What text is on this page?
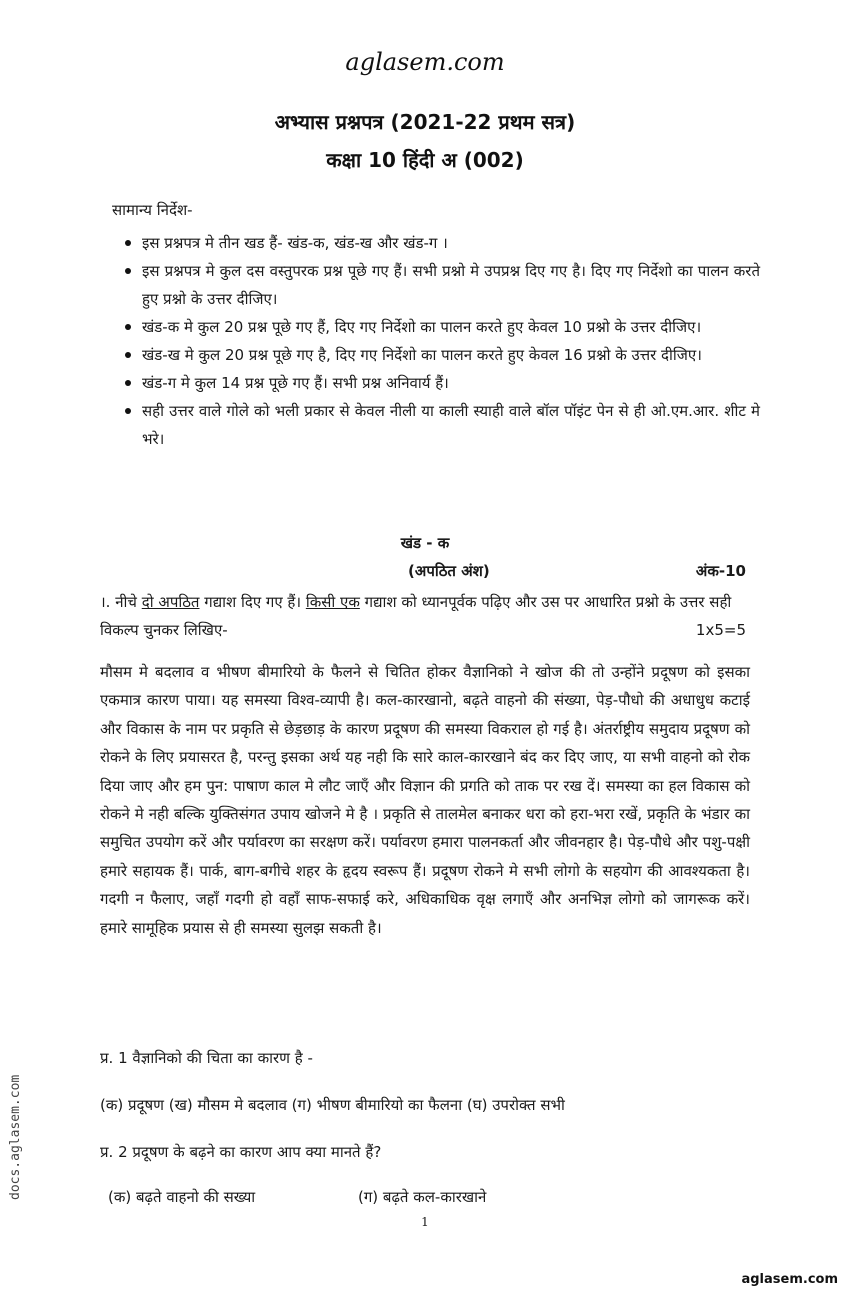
aglasem.com
अभ्यास प्रश्नपत्र (2021-22 प्रथम सत्र)
कक्षा 10 हिंदी अ (002)
सामान्य निर्देश-
इस प्रश्नपत्र मे तीन खड हैं- खंड-क, खंड-ख और खंड-ग ।
इस प्रश्नपत्र मे कुल दस वस्तुपरक प्रश्न पूछे गए हैं। सभी प्रश्नो मे उपप्रश्न दिए गए है। दिए गए निर्देशो का पालन करते हुए प्रश्नो के उत्तर दीजिए।
खंड-क मे कुल 20 प्रश्न पूछे गए हैं, दिए गए निर्देशो का पालन करते हुए केवल 10 प्रश्नो के उत्तर दीजिए।
खंड-ख मे कुल 20 प्रश्न पूछे गए है, दिए गए निर्देशो का पालन करते हुए केवल 16 प्रश्नो के उत्तर दीजिए।
खंड-ग मे कुल 14 प्रश्न पूछे गए हैं। सभी प्रश्न अनिवार्य हैं।
सही उत्तर वाले गोले को भली प्रकार से केवल नीली या काली स्याही वाले बॉल पॉइंट पेन से ही ओ.एम.आर. शीट मे भरे।
खंड - क
(अपठित अंश)	अंक-10
।. नीचे दो अपठित गद्याश दिए गए हैं। किसी एक गद्याश को ध्यानपूर्वक पढ़िए और उस पर आधारित प्रश्नो के उत्तर सही विकल्प चुनकर लिखिए-	1x5=5

मौसम मे बदलाव व भीषण बीमारियो के फैलने से चितित होकर वैज्ञानिको ने खोज की तो उन्होंने प्रदूषण को इसका एकमात्र कारण पाया। यह समस्या विश्व-व्यापी है। कल-कारखानो, बढ़ते वाहनो की संख्या, पेड़-पौधो की अधाधुध कटाई और विकास के नाम पर प्रकृति से छेड़छाड़ के कारण प्रदूषण की समस्या विकराल हो गई है। अंतर्राष्ट्रीय समुदाय प्रदूषण को रोकने के लिए प्रयासरत है, परन्तु इसका अर्थ यह नही कि सारे काल-कारखाने बंद कर दिए जाए, या सभी वाहनो को रोक दिया जाए और हम पुन: पाषाण काल मे लौट जाएँ और विज्ञान की प्रगति को ताक पर रख दें। समस्या का हल विकास को रोकने मे नही बल्कि युक्तिसंगत उपाय खोजने मे है । प्रकृति से तालमेल बनाकर धरा को हरा-भरा रखें, प्रकृति के भंडार का समुचित उपयोग करें और पर्यावरण का सरक्षण करें। पर्यावरण हमारा पालनकर्ता और जीवनहार है। पेड़-पौधे और पशु-पक्षी हमारे सहायक हैं। पार्क, बाग-बगीचे शहर के हृदय स्वरूप हैं। प्रदूषण रोकने मे सभी लोगो के सहयोग की आवश्यकता है। गदगी न फैलाए, जहाँ गदगी हो वहाँ साफ-सफाई करे, अधिकाधिक वृक्ष लगाएँ और अनभिज्ञ लोगो को जागरूक करें। हमारे सामूहिक प्रयास से ही समस्या सुलझ सकती है।

प्र. 1 वैज्ञानिको की चिता का कारण है -
(क) प्रदूषण (ख) मौसम मे बदलाव (ग) भीषण बीमारियो का फैलना (घ) उपरोक्त सभी
प्र. 2 प्रदूषण के बढ़ने का कारण आप क्या मानते हैं?
(क) बढ़ते वाहनो की सख्या	(ग) बढ़ते कल-कारखाने
1
docs.aglasem.com
aglasem.com
